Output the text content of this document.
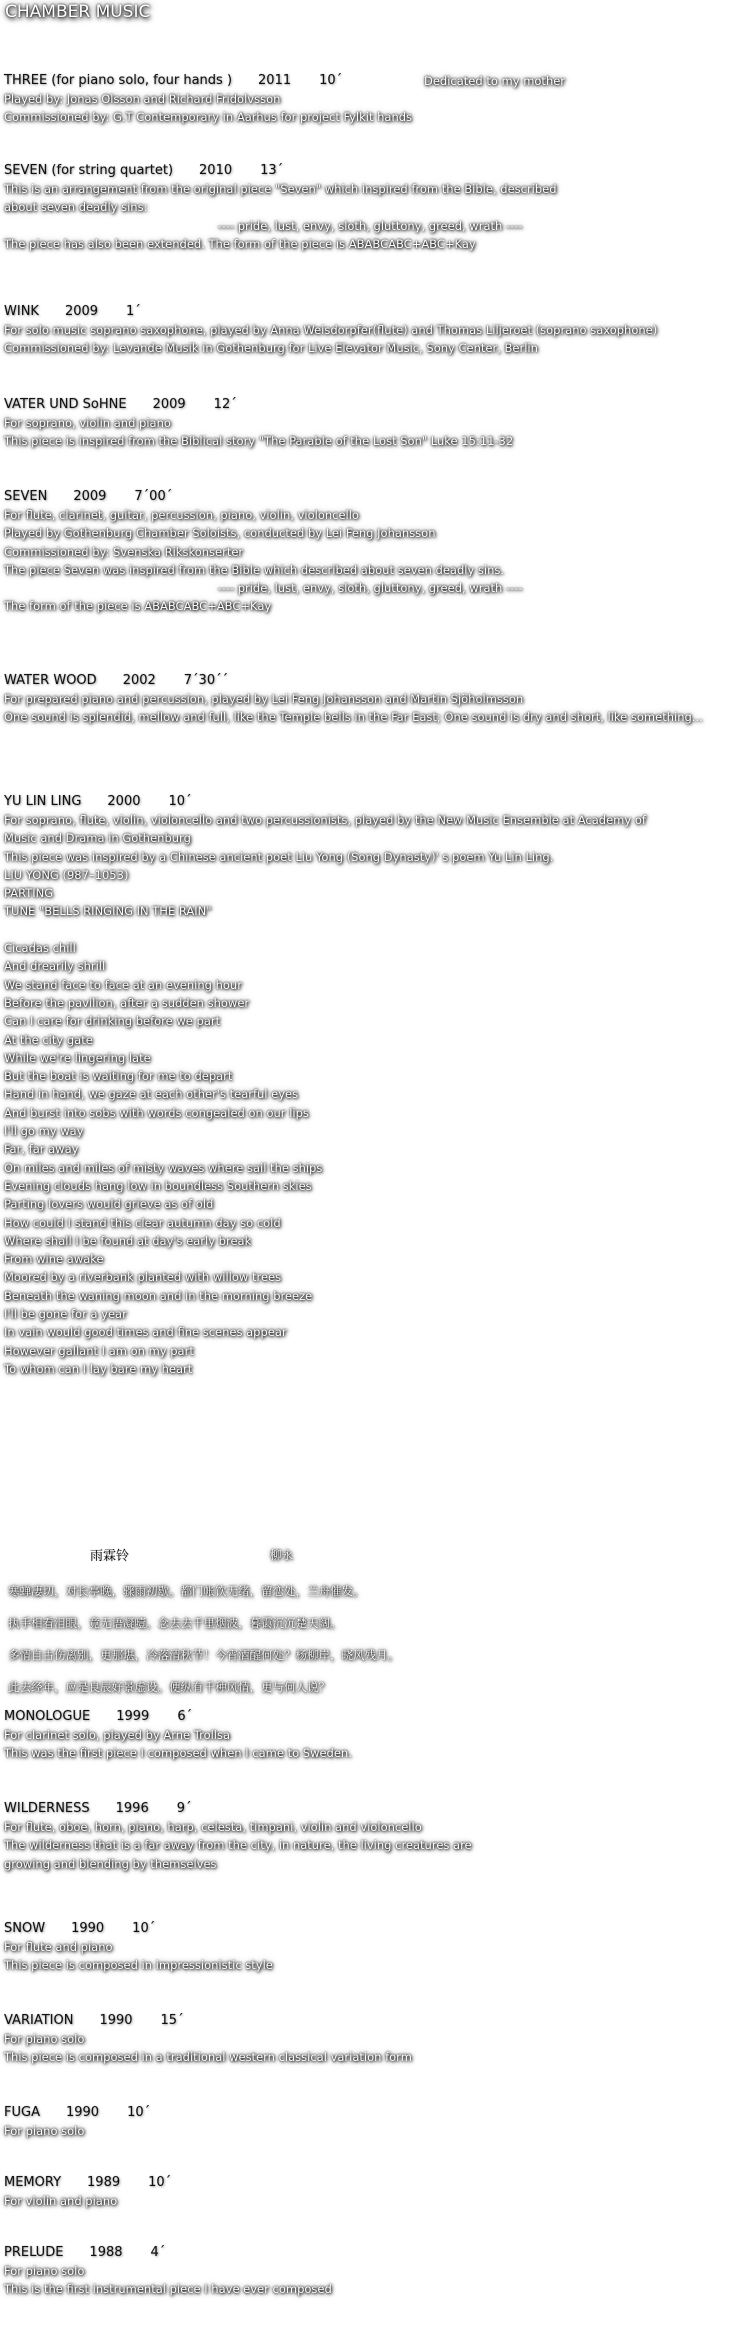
CHAMBER MUSIC
THREE (for piano solo, four hands ) 2011 10´	Dedicated to my mother
Played by: Jonas Olsson and Richard Fridolvsson
Commissioned by: G.T Contemporary in Aarhus for project Fylkit hands
SEVEN (for string quartet) 2010 13´
This is an arrangement from the original piece "Seven" which inspired from the Bible, described
about seven deadly sins:
---- pride, lust, envy, sloth, gluttony, greed, wrath ----
The piece has also been extended. The form of the piece is ABABCABC+ABC+Kay
WINK 2009 1´
For solo music soprano saxophone, played by Anna Weisdorpfer(flute) and Thomas Liljeroet (soprano saxophone)
Commissioned by: Levande Musik in Gothenburg for Live Elevator Music, Sony Center, Berlin
VATER UND SoHNE 2009 12´
For soprano, violin and piano
This piece is inspired from the Biblical story "The Parable of the Lost Son" Luke 15:11-32
SEVEN 2009 7´00´
For flute, clarinet, guitar, percussion, piano, violin, violoncello
Played by Gothenburg Chamber Soloists, conducted by Lei Feng Johansson
Commissioned by: Svenska Rikskonserter
The piece Seven was inspired from the Bible which described about seven deadly sins.
---- pride, lust, envy, sloth, gluttony, greed, wrath ----
The form of the piece is ABABCABC+ABC+Kay
WATER WOOD 2002 7´30´´
For prepared piano and percussion, played by Lei Feng Johansson and Martin Sjöholmsson
One sound is splendid, mellow and full, like the Temple bells in the Far East; One sound is dry and short, like something...
YU LIN LING 2000 10´
For soprano, flute, violin, violoncello and two percussionists, played by the New Music Ensemble at Academy of
Music and Drama in Gothenburg
This piece was inspired by a Chinese ancient poet Liu Yong (Song Dynasty)' s poem Yu Lin Ling.
LIU YONG (987–1053)
PARTING
TUNE "BELLS RINGING IN THE RAIN"
Cicadas chill
And drearily shrill
We stand face to face at an evening hour
Before the pavilion, after a sudden shower
Can I care for drinking before we part
At the city gate
While we're lingering late
But the boat is waiting for me to depart
Hand in hand, we gaze at each other's tearful eyes
And burst into sobs with words congealed on our lips
I'll go my way
Far, far away
On miles and miles of misty waves where sail the ships
Evening clouds hang low in boundless Southern skies
Parting lovers would grieve as of old
How could I stand this clear autumn day so cold
Where shall I be found at day's early break
From wine awake
Moored by a riverbank planted with willow trees
Beneath the waning moon and in the morning breeze
I'll be gone for a year
In vain would good times and fine scenes appear
However gallant I am on my part
To whom can I lay bare my heart
MONOLOGUE 1999 6´
For clarinet solo, played by Arne Trollsa
This was the first piece I composed when I came to Sweden.
WILDERNESS 1996 9´
For flute, oboe, horn, piano, harp, celesta, timpani, violin and violoncello
The wilderness that is a far away from the city, in nature, the living creatures are
growing and blending by themselves
SNOW 1990 10´
For flute and piano
This piece is composed in impressionistic style
VARIATION 1990 15´
For piano solo
This piece is composed in a traditional western classical variation form
FUGA 1990 10´
For piano solo
MEMORY 1989 10´
For violin and piano
PRELUDE 1988 4´
For piano solo
This is the first instrumental piece I have ever composed
雨霖铃	柳永
寒蝉凄切，对长亭晚，骤雨初歇。都门帐饮无绪，留恋处，兰舟催发。
执手相看泪眼，竟无语凝噎。念去去千里烟波，暮霭沉沉楚天阔。
多情自古伤离别，更那堪，冷落清秋节！今宵酒醒何处？杨柳岸，晓风残月。
此去经年，应是良辰好景虚设。便纵有千种风情，更与何人说？
